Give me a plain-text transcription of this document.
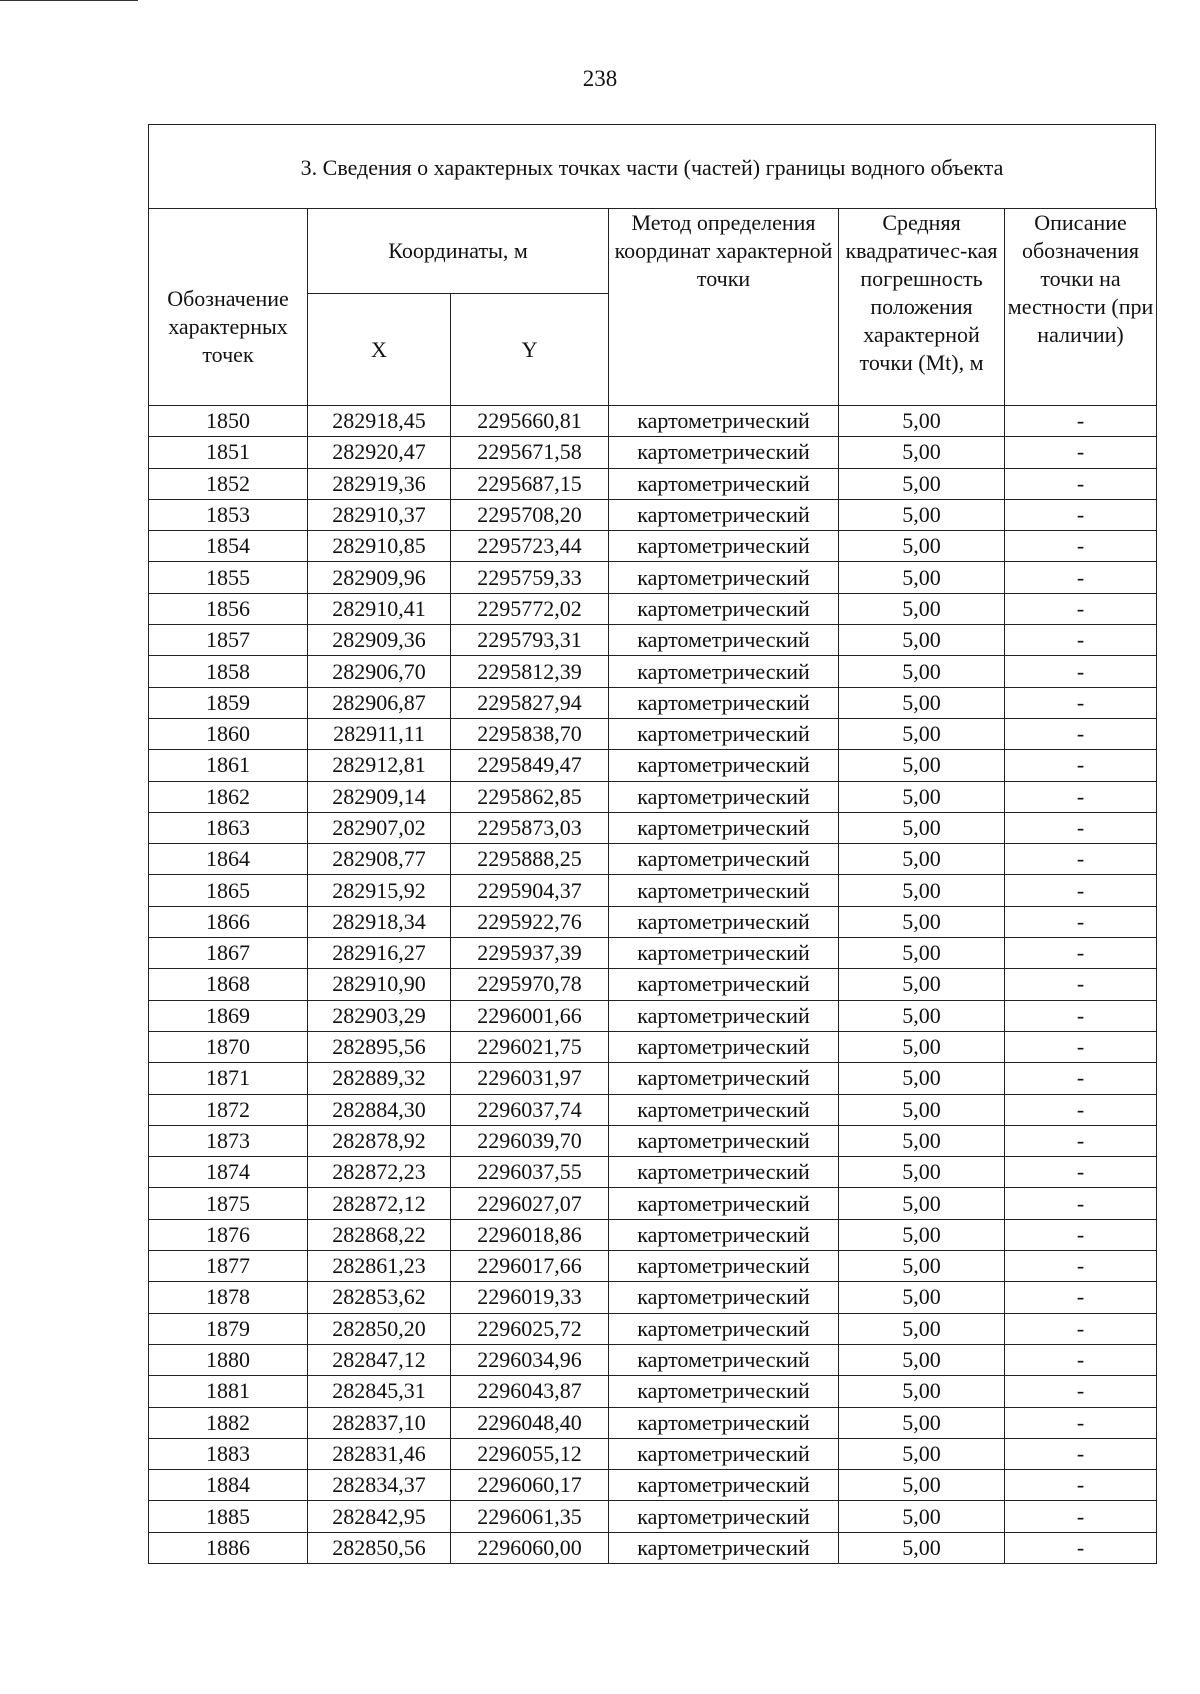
238
3. Сведения о характерных точках части (частей) границы водного объекта
Обозначение характерных точек	Координаты, м		Метод определения координат характерной точки	Средняя квадратичес-кая погрешность положения характерной точки (Mt), м	Описание обозначения точки на местности (при наличии)
	X	Y			
1850	282918,45	2295660,81	картометрический	5,00	-
1851	282920,47	2295671,58	картометрический	5,00	-
1852	282919,36	2295687,15	картометрический	5,00	-
1853	282910,37	2295708,20	картометрический	5,00	-
1854	282910,85	2295723,44	картометрический	5,00	-
1855	282909,96	2295759,33	картометрический	5,00	-
1856	282910,41	2295772,02	картометрический	5,00	-
1857	282909,36	2295793,31	картометрический	5,00	-
1858	282906,70	2295812,39	картометрический	5,00	-
1859	282906,87	2295827,94	картометрический	5,00	-
1860	282911,11	2295838,70	картометрический	5,00	-
1861	282912,81	2295849,47	картометрический	5,00	-
1862	282909,14	2295862,85	картометрический	5,00	-
1863	282907,02	2295873,03	картометрический	5,00	-
1864	282908,77	2295888,25	картометрический	5,00	-
1865	282915,92	2295904,37	картометрический	5,00	-
1866	282918,34	2295922,76	картометрический	5,00	-
1867	282916,27	2295937,39	картометрический	5,00	-
1868	282910,90	2295970,78	картометрический	5,00	-
1869	282903,29	2296001,66	картометрический	5,00	-
1870	282895,56	2296021,75	картометрический	5,00	-
1871	282889,32	2296031,97	картометрический	5,00	-
1872	282884,30	2296037,74	картометрический	5,00	-
1873	282878,92	2296039,70	картометрический	5,00	-
1874	282872,23	2296037,55	картометрический	5,00	-
1875	282872,12	2296027,07	картометрический	5,00	-
1876	282868,22	2296018,86	картометрический	5,00	-
1877	282861,23	2296017,66	картометрический	5,00	-
1878	282853,62	2296019,33	картометрический	5,00	-
1879	282850,20	2296025,72	картометрический	5,00	-
1880	282847,12	2296034,96	картометрический	5,00	-
1881	282845,31	2296043,87	картометрический	5,00	-
1882	282837,10	2296048,40	картометрический	5,00	-
1883	282831,46	2296055,12	картометрический	5,00	-
1884	282834,37	2296060,17	картометрический	5,00	-
1885	282842,95	2296061,35	картометрический	5,00	-
1886	282850,56	2296060,00	картометрический	5,00	-
